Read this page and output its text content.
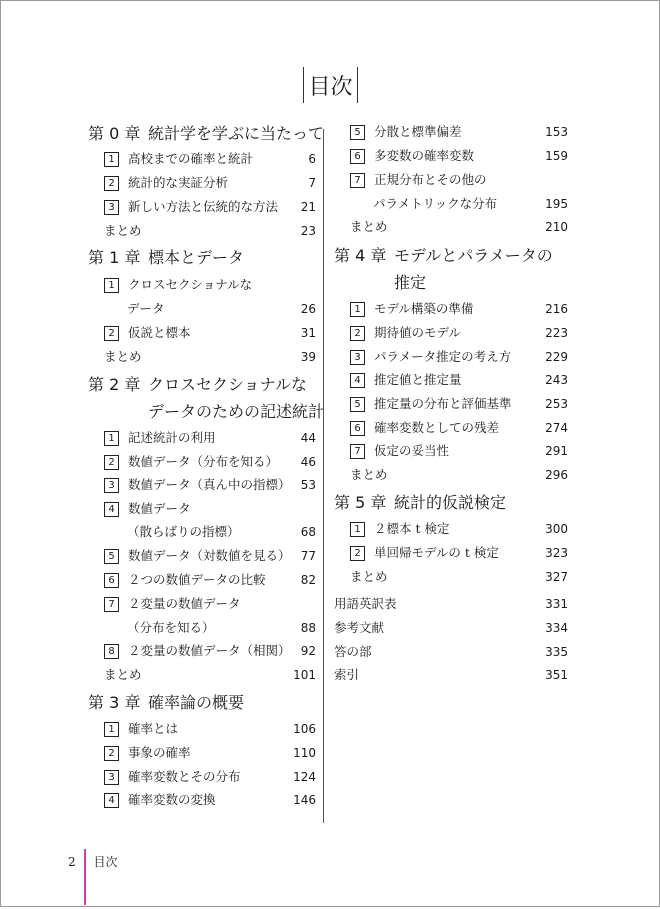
目次
第 0 章 統計学を学ぶに当たって
1 高校までの確率と統計	6
2 統計的な実証分析	7
3 新しい方法と伝統的な方法 21
まとめ	23
第 1 章 標本とデータ
1 クロスセクショナルな
データ	26
2 仮説と標本	31
まとめ	39
第 2 章 クロスセクショナルな
データのための記述統計
1 記述統計の利用	44
2 数値データ（分布を知る） 46
3 数値データ（真ん中の指標） 53
4 数値データ
（散らばりの指標）	68
5 数値データ（対数値を見る） 77
6 ２つの数値データの比較	82
7 ２変量の数値データ
（分布を知る）	88
8 ２変量の数値データ（相関） 92
まとめ	101
第 3 章 確率論の概要
1 確率とは	106
2 事象の確率	110
3 確率変数とその分布	124
4 確率変数の変換	146
5 分散と標準偏差	153
6 多変数の確率変数	159
7 正規分布とその他の
パラメトリックな分布	195
まとめ	210
第 4 章 モデルとパラメータの
推定
1 モデル構築の準備	216
2 期待値のモデル	223
3 パラメータ推定の考え方	229
4 推定値と推定量	243
5 推定量の分布と評価基準	253
6 確率変数としての残差	274
7 仮定の妥当性	291
まとめ	296
第 5 章 統計的仮説検定
1 ２標本 t 検定	300
2 単回帰モデルの t 検定	323
まとめ	327
用語英訳表	331
参考文献	334
答の部	335
索引	351
2 目次
